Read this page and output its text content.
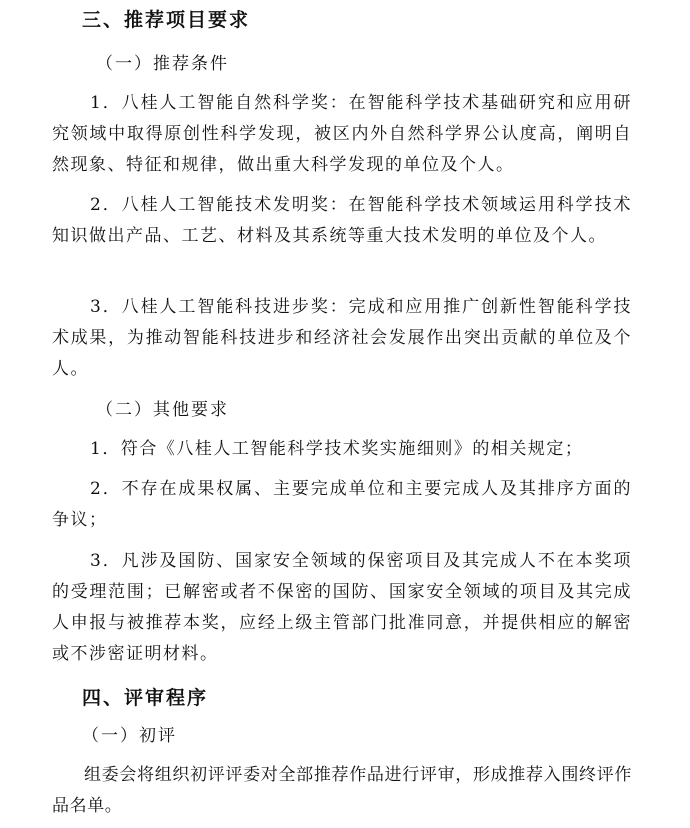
三、推荐项目要求
（一）推荐条件

1．八桂人工智能自然科学奖：在智能科学技术基础研究和应用研究领域中取得原创性科学发现，被区内外自然科学界公认度高，阐明自然现象、特征和规律，做出重大科学发现的单位及个人。

2．八桂人工智能技术发明奖：在智能科学技术领域运用科学技术知识做出产品、工艺、材料及其系统等重大技术发明的单位及个人。

3．八桂人工智能科技进步奖：完成和应用推广创新性智能科学技术成果，为推动智能科技进步和经济社会发展作出突出贡献的单位及个人。

（二）其他要求

1．符合《八桂人工智能科学技术奖实施细则》的相关规定；

2．不存在成果权属、主要完成单位和主要完成人及其排序方面的争议；

3．凡涉及国防、国家安全领域的保密项目及其完成人不在本奖项的受理范围；已解密或者不保密的国防、国家安全领域的项目及其完成人申报与被推荐本奖，应经上级主管部门批准同意，并提供相应的解密或不涉密证明材料。

四、评审程序
（一）初评

组委会将组织初评评委对全部推荐作品进行评审，形成推荐入围终评作品名单。
